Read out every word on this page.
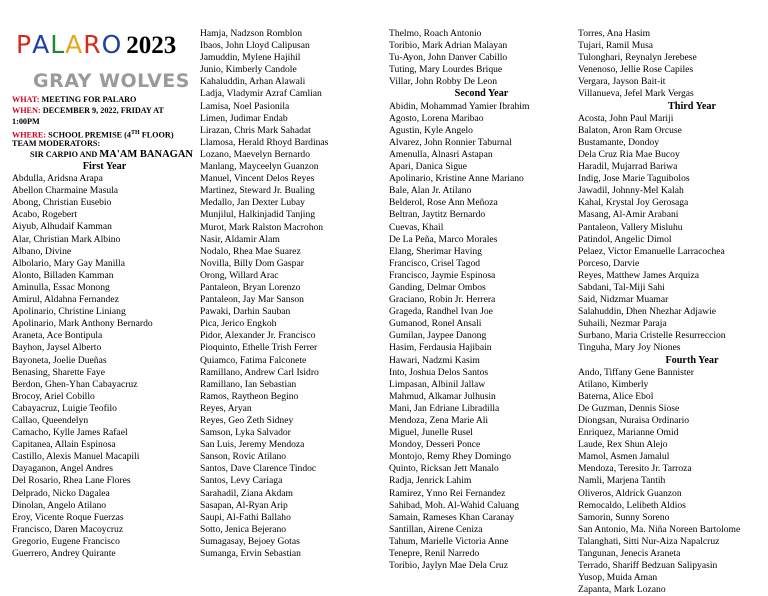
PALARO 2023
GRAY WOLVES
WHAT: MEETING FOR PALARO
WHEN: DECEMBER 9, 2022, FRIDAY AT
1:00PM
WHERE: SCHOOL PREMISE (4TH FLOOR)
TEAM MODERATORS:
SIR CARPIO AND MA'AM BANAGAN
First Year
Abdulla, Aridsna Arapa
Abellon Charmaine Masula
Abong, Christian Eusebio
Acabo, Rogebert
Aiyub, Alhudaif Kamman
Alar, Christian Mark Albino
Albano, Divine
Albolario, Mary Gay Manilla
Alonto, Billaden Kamman
Aminulla, Essac Monong
Amirul, Aldahna Fernandez
Apolinario, Christine Liniang
Apolinario, Mark Anthony Bernardo
Araneta, Ace Bontipula
Bayhon, Jaysel Alberto
Bayoneta, Joelie Dueñas
Benasing, Sharette Faye
Berdon, Ghen-Yhan Cabayacruz
Brocoy, Ariel Cobillo
Cabayacruz, Luigie Teofilo
Callao, Queendelyn
Camacho, Kylle James Rafael
Capitanea, Allain Espinosa
Castillo, Alexis Manuel Macapili
Dayaganon, Angel Andres
Del Rosario, Rhea Lane Flores
Delprado, Nicko Dagalea
Dinolan, Angelo Atilano
Eroy, Vicente Roque Fuerzas
Francisco, Daren Macoycruz
Gregorio, Eugene Francisco
Guerrero, Andrey Quirante
Hamja, Nadzson Romblon
Ibaos, John Lloyd Calipusan
Jamuddin, Mylene Hajihil
Junio, Kimberly Candole
Kahaluddin, Arhan Alawali
Ladja, Vladymir Azraf Camlian
Lamisa, Noel Pasionila
Limen, Judimar Endab
Lirazan, Chris Mark Sahadat
Llamosa, Herald Rhoyd Bardinas
Lozano, Maevelyn Bernardo
Manlang, Mayceelyn Guanzon
Manuel, Vincent Delos Reyes
Martinez, Steward Jr. Bualing
Medallo, Jan Dexter Lubay
Munjilul, Halkinjadid Tanjing
Murot, Mark Ralston Macrohon
Nasir, Aldamir Alam
Nodalo, Rhea Mae Suarez
Novilla, Billy Dom Gaspar
Orong, Willard Arac
Pantaleon, Bryan Lorenzo
Pantaleon, Jay Mar Sanson
Pawaki, Darhin Sauban
Pica, Jerico Engkoh
Pidor, Alexander Jr. Francisco
Pioquinto, Ethelle Trish Ferrer
Quiamco, Fatima Falconete
Ramillano, Andrew Carl Isidro
Ramillano, Ian Sebastian
Ramos, Raytheon Begino
Reyes, Aryan
Reyes, Geo Zeth Sidney
Samson, Lyka Salvador
San Luis, Jeremy Mendoza
Sanson, Rovic Atilano
Santos, Dave Clarence Tindoc
Santos, Levy Cariaga
Sarahadil, Ziana Akdam
Sasapan, Al-Ryan Arip
Saupi, Al-Fathi Ballaho
Sotto, Jenica Bejerano
Sumagasay, Bejoey Gotas
Sumanga, Ervin Sebastian
Thelmo, Roach Antonio
Toribio, Mark Adrian Malayan
Tu-Ayon, John Danver Cabillo
Tuting, Mary Lourdes Brique
Villar, John Robby De Leon
Second Year
Abidin, Mohammad Yamier Ibrahim
Agosto, Lorena Maribao
Agustin, Kyle Angelo
Alvarez, John Ronnier Taburnal
Amenulla, Alnasri Astapan
Apari, Danica Sigue
Apolinario, Kristine Anne Mariano
Bale, Alan Jr. Atilano
Belderol, Rose Ann Meñoza
Beltran, Jaytitz Bernardo
Cuevas, Khail
De La Peña, Marco Morales
Elang, Sherimar Having
Francisco, Crisel Tagod
Francisco, Jaymie Espinosa
Ganding, Delmar Ombos
Graciano, Robin Jr. Herrera
Grageda, Randhel Ivan Joe
Gumanod, Ronel Ansali
Gumilan, Jaypee Danong
Hasim, Ferdausia Hajibain
Hawari, Nadzmi Kasim
Into, Joshua Delos Santos
Limpasan, Albinil Jallaw
Mahmud, Alkamar Julhusin
Mani, Jan Edriane Libradilla
Mendoza, Zena Marie Ali
Miguel, Junelle Rusel
Mondoy, Desseri Ponce
Montojo, Remy Rhey Domingo
Quinto, Ricksan Jett Manalo
Radja, Jenrick Lahim
Ramirez, Ynno Rei Fernandez
Sahibad, Moh. Al-Wahid Caluang
Samain, Rameses Khan Caranay
Santillan, Airene Ceniza
Tahum, Marielle Victoria Anne
Tenepre, Renil Narredo
Toribio, Jaylyn Mae Dela Cruz
Torres, Ana Hasim
Tujari, Ramil Musa
Tulonghari, Reynalyn Jerebese
Venenoso, Jellie Rose Capiles
Vergara, Jayson Bait-it
Villanueva, Jefel Mark Vergas
Third Year
Acosta, John Paul Mariji
Balaton, Aron Ram Orcuse
Bustamante, Dondoy
Dela Cruz Ria Mae Bucoy
Haradil, Mujarrad Bariwa
Indig, Jose Marie Taguibolos
Jawadil, Johnny-Mel Kalah
Kahal, Krystal Joy Gerosaga
Masang, Al-Amir Arabani
Pantaleon, Vallery Misluhu
Patindol, Angelic Dimol
Pelaez, Victor Emanuelle Larracochea
Porceso, Darvie
Reyes, Matthew James Arquiza
Sabdani, Tal-Miji Sahi
Said, Nidzmar Muamar
Salahuddin, Dhen Nhezhar Adjawie
Suhaili, Nezmar Paraja
Surbano, Maria Cristelle Resurreccion
Tinguha, Mary Joy Niones
Fourth Year
Ando, Tiffany Gene Bannister
Atilano, Kimberly
Baterna, Alice Ebol
De Guzman, Dennis Siose
Diongsan, Nuraisa Ordinario
Enriquez, Marianne Omid
Laude, Rex Shun Alejo
Mamol, Asmen Jamalul
Mendoza, Teresito Jr. Tarroza
Namli, Marjena Tantih
Oliveros, Aldrick Guanzon
Remocaldo, Lelibeth Aldios
Samorin, Sunny Soreno
San Antonio, Ma. Niña Noreen Bartolome
Talanghati, Sitti Nur-Aiza Napalcruz
Tangunan, Jenecis Araneta
Terrado, Shariff Bedzuan Salipyasin
Yusop, Muida Aman
Zapanta, Mark Lozano
